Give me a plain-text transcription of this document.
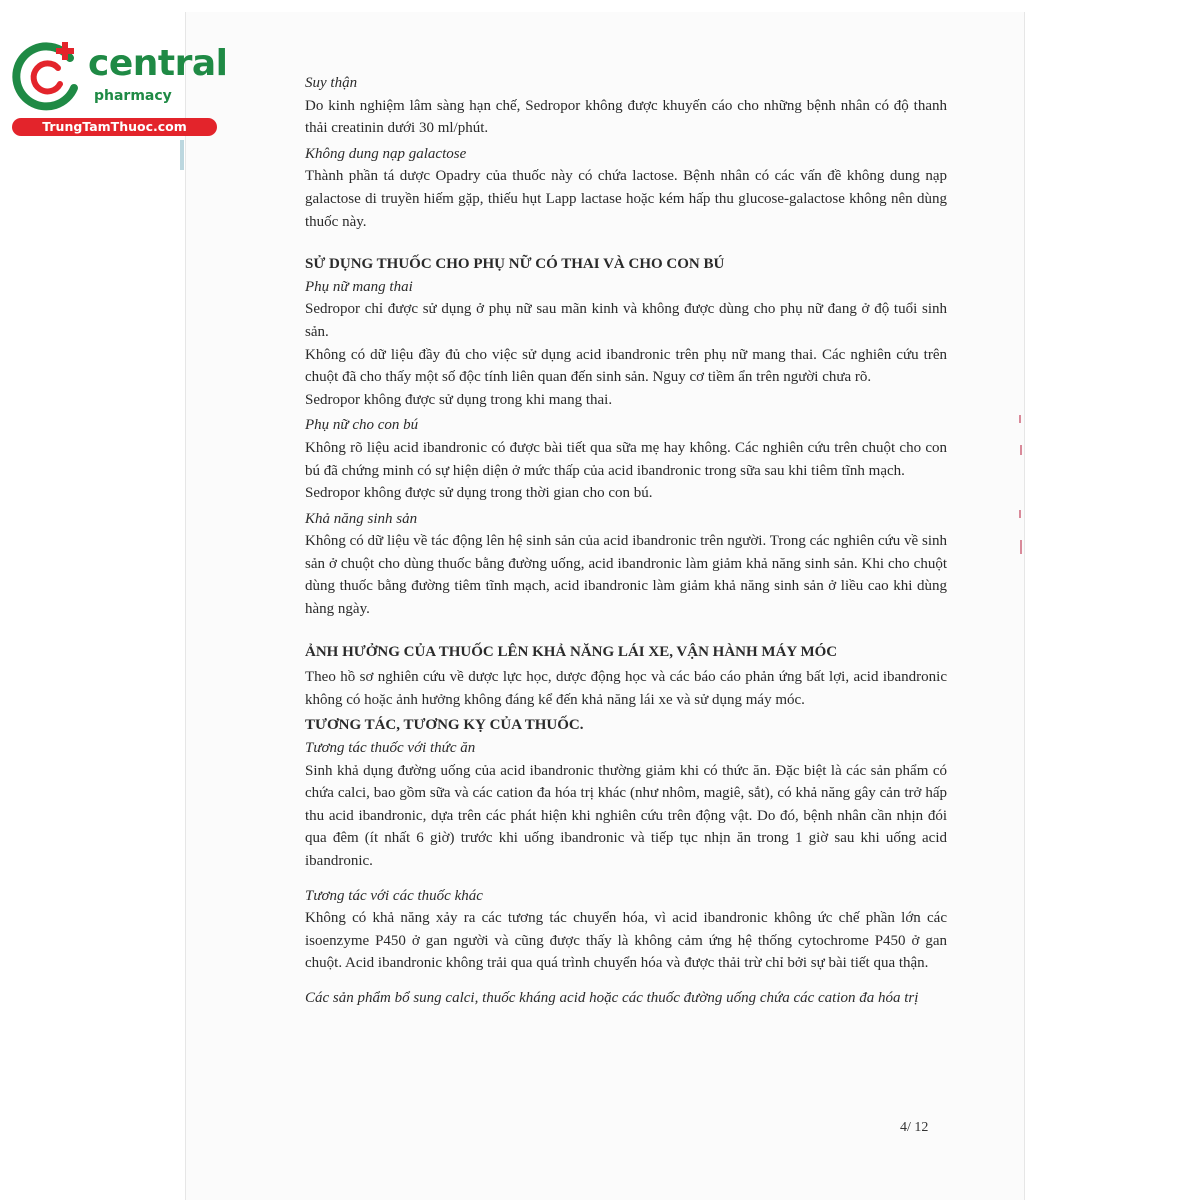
central
pharmacy
TrungTamThuoc.com

Suy thận

Do kinh nghiệm lâm sàng hạn chế, Sedropor không được khuyến cáo cho những bệnh nhân có độ thanh thải creatinin dưới 30 ml/phút.

Không dung nạp galactose

Thành phần tá dược Opadry của thuốc này có chứa lactose. Bệnh nhân có các vấn đề không dung nạp galactose di truyền hiếm gặp, thiếu hụt Lapp lactase hoặc kém hấp thu glucose-galactose không nên dùng thuốc này.

SỬ DỤNG THUỐC CHO PHỤ NỮ CÓ THAI VÀ CHO CON BÚ

Phụ nữ mang thai

Sedropor chỉ được sử dụng ở phụ nữ sau mãn kinh và không được dùng cho phụ nữ đang ở độ tuổi sinh sản.

Không có dữ liệu đầy đủ cho việc sử dụng acid ibandronic trên phụ nữ mang thai. Các nghiên cứu trên chuột đã cho thấy một số độc tính liên quan đến sinh sản. Nguy cơ tiềm ẩn trên người chưa rõ.

Sedropor không được sử dụng trong khi mang thai.

Phụ nữ cho con bú

Không rõ liệu acid ibandronic có được bài tiết qua sữa mẹ hay không. Các nghiên cứu trên chuột cho con bú đã chứng minh có sự hiện diện ở mức thấp của acid ibandronic trong sữa sau khi tiêm tĩnh mạch.

Sedropor không được sử dụng trong thời gian cho con bú.

Khả năng sinh sản

Không có dữ liệu về tác động lên hệ sinh sản của acid ibandronic trên người. Trong các nghiên cứu về sinh sản ở chuột cho dùng thuốc bằng đường uống, acid ibandronic làm giảm khả năng sinh sản. Khi cho chuột dùng thuốc bằng đường tiêm tĩnh mạch, acid ibandronic làm giảm khả năng sinh sản ở liều cao khi dùng hàng ngày.

ẢNH HƯỞNG CỦA THUỐC LÊN KHẢ NĂNG LÁI XE, VẬN HÀNH MÁY MÓC

Theo hồ sơ nghiên cứu về dược lực học, dược động học và các báo cáo phản ứng bất lợi, acid ibandronic không có hoặc ảnh hưởng không đáng kể đến khả năng lái xe và sử dụng máy móc.

TƯƠNG TÁC, TƯƠNG KỴ CỦA THUỐC.

Tương tác thuốc với thức ăn

Sinh khả dụng đường uống của acid ibandronic thường giảm khi có thức ăn. Đặc biệt là các sản phẩm có chứa calci, bao gồm sữa và các cation đa hóa trị khác (như nhôm, magiê, sắt), có khả năng gây cản trở hấp thu acid ibandronic, dựa trên các phát hiện khi nghiên cứu trên động vật. Do đó, bệnh nhân cần nhịn đói qua đêm (ít nhất 6 giờ) trước khi uống ibandronic và tiếp tục nhịn ăn trong 1 giờ sau khi uống acid ibandronic.

Tương tác với các thuốc khác

Không có khả năng xảy ra các tương tác chuyển hóa, vì acid ibandronic không ức chế phần lớn các isoenzyme P450 ở gan người và cũng được thấy là không cảm ứng hệ thống cytochrome P450 ở gan chuột. Acid ibandronic không trải qua quá trình chuyển hóa và được thải trừ chỉ bởi sự bài tiết qua thận.

Các sản phẩm bổ sung calci, thuốc kháng acid hoặc các thuốc đường uống chứa các cation đa hóa trị

4/ 12
